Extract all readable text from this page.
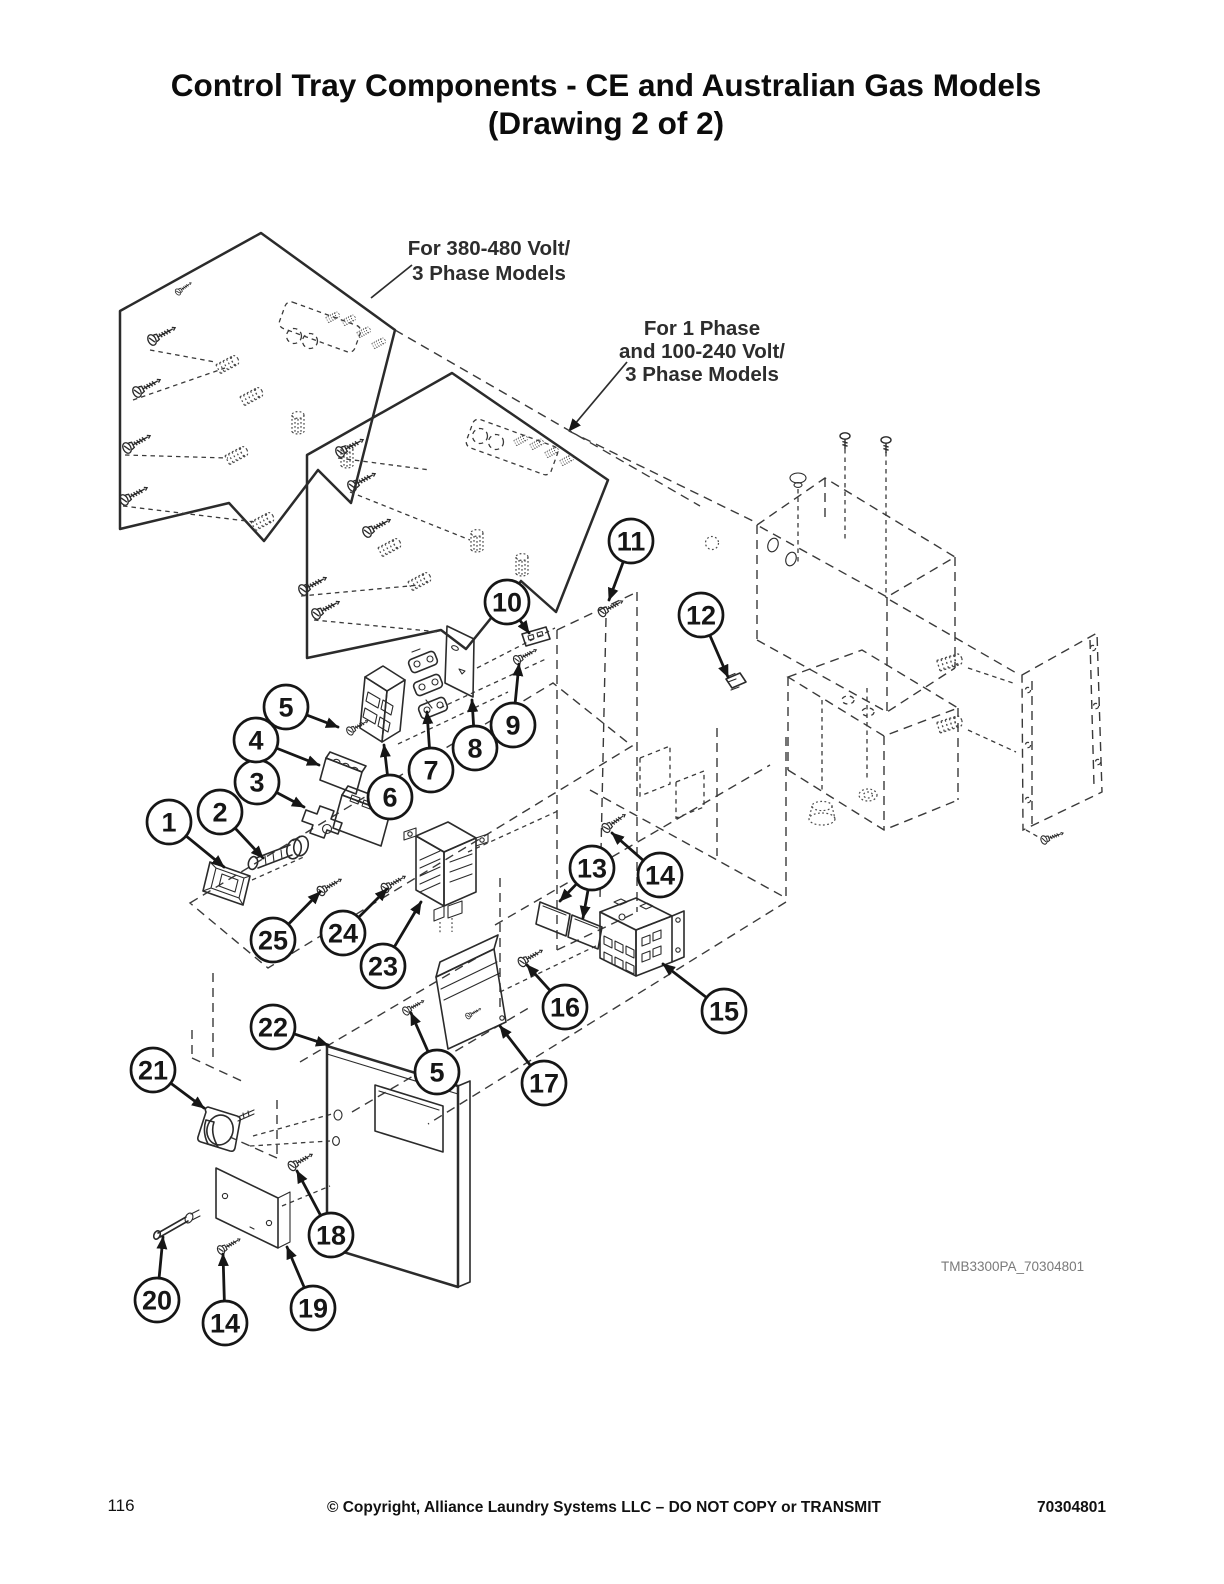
Control Tray Components - CE and Australian Gas Models
(Drawing 2 of 2)
For 380-480 Volt/
3 Phase Models
For 1 Phase
and 100-240 Volt/
3 Phase Models
TMB3300PA_70304801
116	© Copyright, Alliance Laundry Systems LLC – DO NOT COPY or TRANSMIT	70304801
1 2
3
4
5
6
7
8
9
10
11
12
13 14
15
16
17
18
19
20
21
22
23
24
25
5
14
